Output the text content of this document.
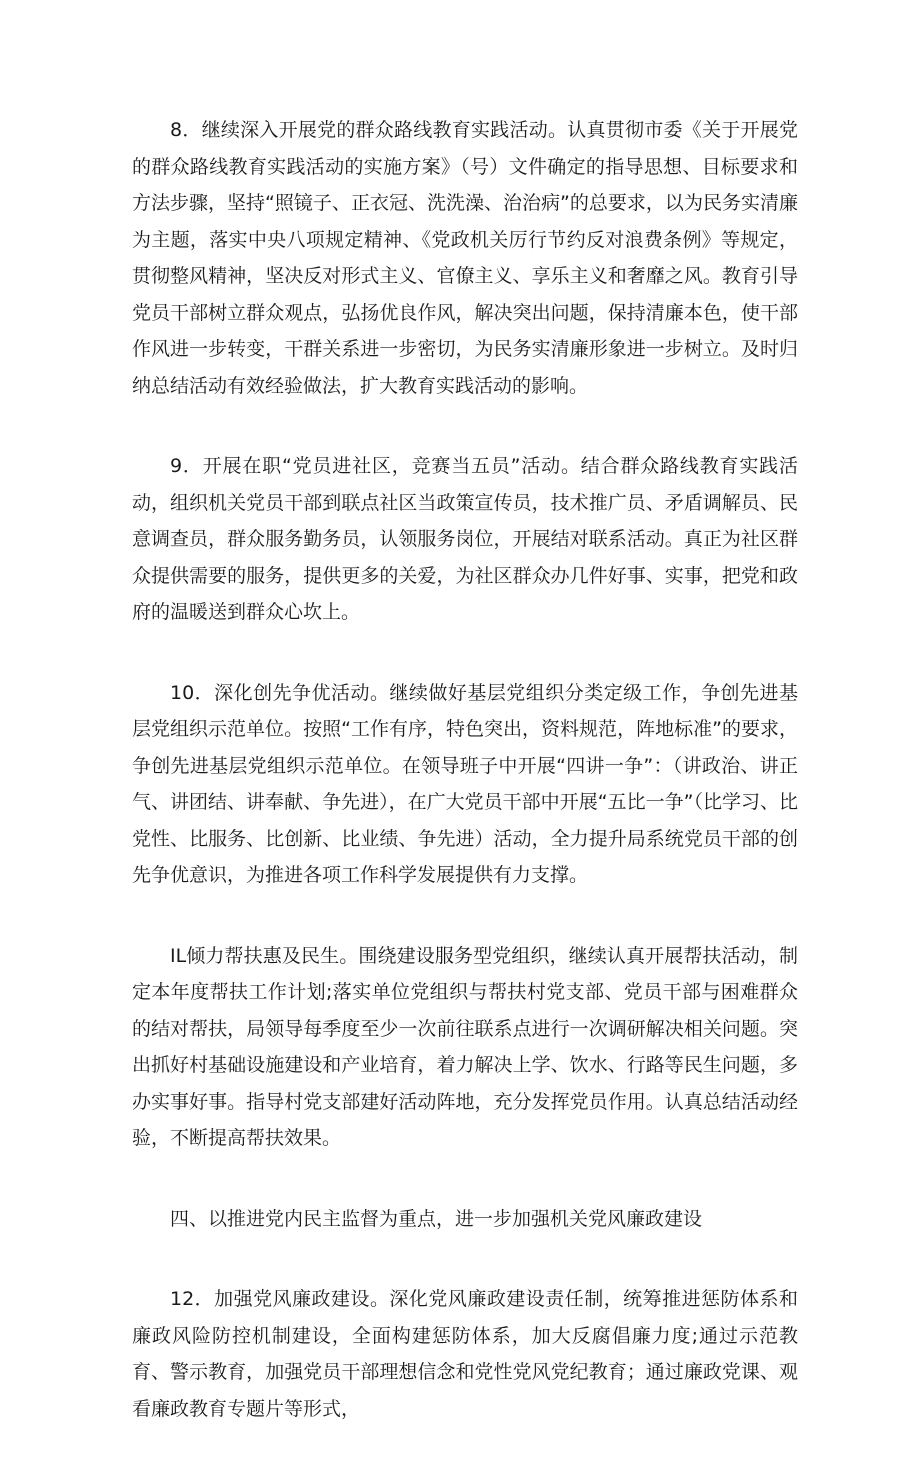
8．继续深入开展党的群众路线教育实践活动。认真贯彻市委《关于开展党的群众路线教育实践活动的实施方案》（号）文件确定的指导思想、目标要求和方法步骤，坚持“照镜子、正衣冠、洗洗澡、治治病”的总要求，以为民务实清廉为主题，落实中央八项规定精神、《党政机关厉行节约反对浪费条例》等规定，贯彻整风精神，坚决反对形式主义、官僚主义、享乐主义和奢靡之风。教育引导党员干部树立群众观点，弘扬优良作风，解决突出问题，保持清廉本色，使干部作风进一步转变，干群关系进一步密切，为民务实清廉形象进一步树立。及时归纳总结活动有效经验做法，扩大教育实践活动的影响。

9．开展在职“党员进社区，竞赛当五员”活动。结合群众路线教育实践活动，组织机关党员干部到联点社区当政策宣传员，技术推广员、矛盾调解员、民意调查员，群众服务勤务员，认领服务岗位，开展结对联系活动。真正为社区群众提供需要的服务，提供更多的关爱，为社区群众办几件好事、实事，把党和政府的温暖送到群众心坎上。

10．深化创先争优活动。继续做好基层党组织分类定级工作，争创先进基层党组织示范单位。按照“工作有序，特色突出，资料规范，阵地标准”的要求，争创先进基层党组织示范单位。在领导班子中开展“四讲一争”：（讲政治、讲正气、讲团结、讲奉献、争先进），在广大党员干部中开展“五比一争”（比学习、比党性、比服务、比创新、比业绩、争先进）活动，全力提升局系统党员干部的创先争优意识，为推进各项工作科学发展提供有力支撑。

IL倾力帮扶惠及民生。围绕建设服务型党组织，继续认真开展帮扶活动，制定本年度帮扶工作计划;落实单位党组织与帮扶村党支部、党员干部与困难群众的结对帮扶，局领导每季度至少一次前往联系点进行一次调研解决相关问题。突出抓好村基础设施建设和产业培育，着力解决上学、饮水、行路等民生问题，多办实事好事。指导村党支部建好活动阵地，充分发挥党员作用。认真总结活动经验，不断提高帮扶效果。

四、以推进党内民主监督为重点，进一步加强机关党风廉政建设

12．加强党风廉政建设。深化党风廉政建设责任制，统筹推进惩防体系和廉政风险防控机制建设，全面构建惩防体系，加大反腐倡廉力度;通过示范教育、警示教育，加强党员干部理想信念和党性党风党纪教育；通过廉政党课、观看廉政教育专题片等形式，
